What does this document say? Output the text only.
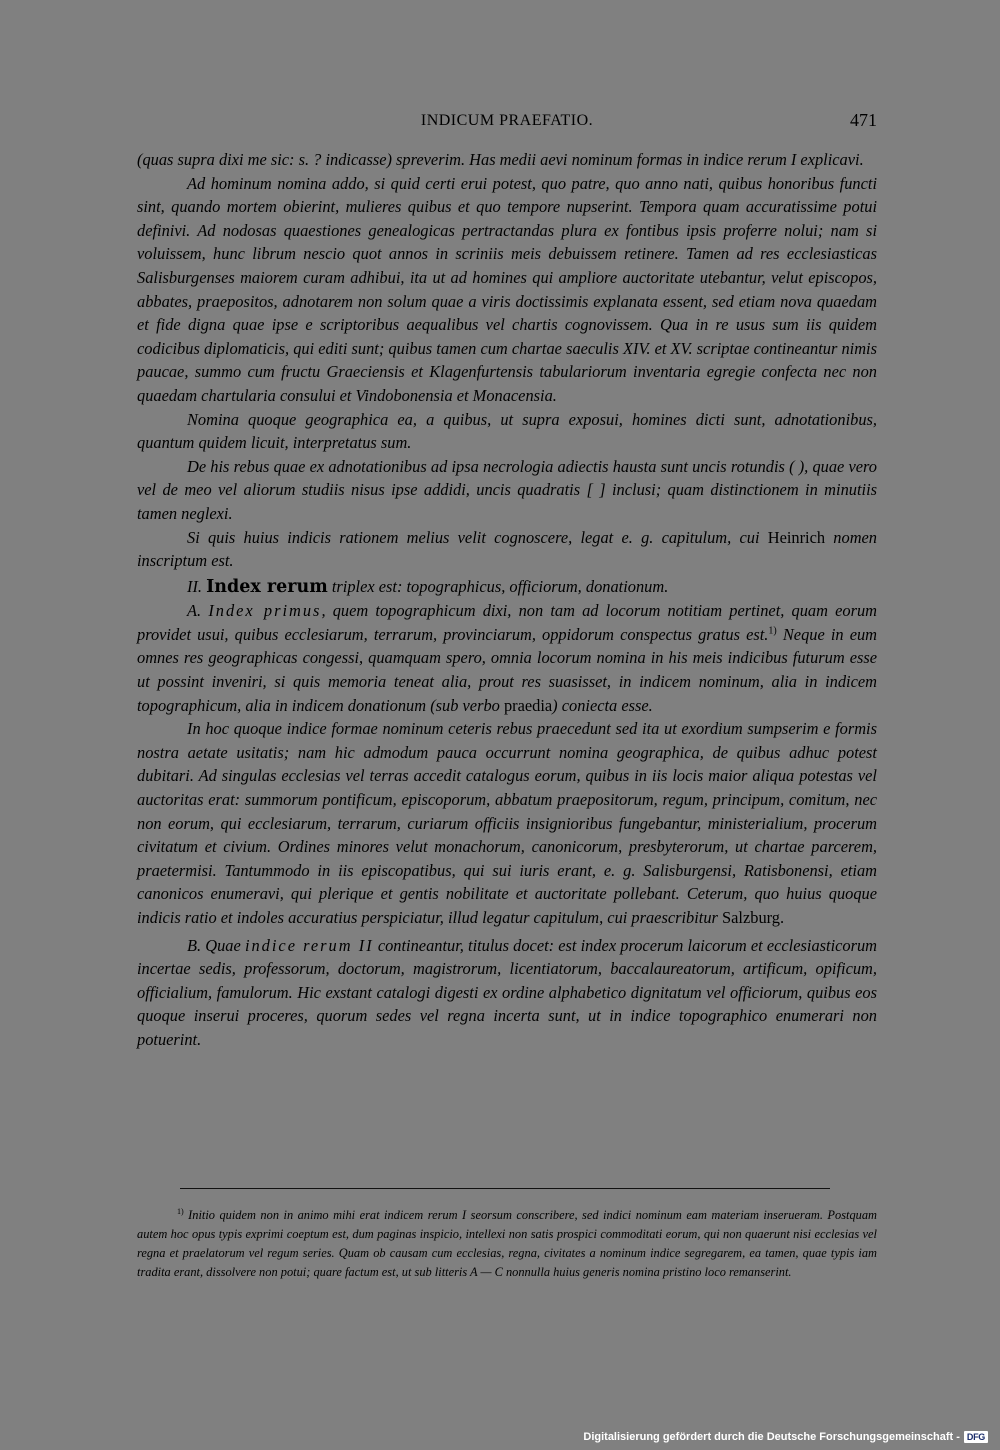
INDICUM PRAEFATIO.	471

(quas supra dixi me sic: s. ? indicasse) spreverim. Has medii aevi nominum formas in indice rerum I explicavi.

Ad hominum nomina addo, si quid certi erui potest, quo patre, quo anno nati, quibus honoribus functi sint, quando mortem obierint, mulieres quibus et quo tempore nupserint. Tempora quam accuratissime potui definivi. Ad nodosas quaestiones genealogicas pertractandas plura ex fontibus ipsis proferre nolui; nam si voluissem, hunc librum nescio quot annos in scriniis meis debuissem retinere. Tamen ad res ecclesiasticas Salisburgenses maiorem curam adhibui, ita ut ad homines qui ampliore auctoritate utebantur, velut episcopos, abbates, praepositos, adnotarem non solum quae a viris doctissimis explanata essent, sed etiam nova quaedam et fide digna quae ipse e scriptoribus aequalibus vel chartis cognovissem. Qua in re usus sum iis quidem codicibus diplomaticis, qui editi sunt; quibus tamen cum chartae saeculis XIV. et XV. scriptae contineantur nimis paucae, summo cum fructu Graeciensis et Klagenfurtensis tabulariorum inventaria egregie confecta nec non quaedam chartularia consului et Vindobonensia et Monacensia.

Nomina quoque geographica ea, a quibus, ut supra exposui, homines dicti sunt, adnotationibus, quantum quidem licuit, interpretatus sum.

De his rebus quae ex adnotationibus ad ipsa necrologia adiectis hausta sunt uncis rotundis ( ), quae vero vel de meo vel aliorum studiis nisus ipse addidi, uncis quadratis [ ] inclusi; quam distinctionem in minutiis tamen neglexi.

Si quis huius indicis rationem melius velit cognoscere, legat e. g. capitulum, cui Heinrich nomen inscriptum est.

II. Index rerum triplex est: topographicus, officiorum, donationum.

A. Index primus, quem topographicum dixi, non tam ad locorum notitiam pertinet, quam eorum providet usui, quibus ecclesiarum, terrarum, provinciarum, oppidorum conspectus gratus est.$^{1)}$ Neque in eum omnes res geographicas congessi, quamquam spero, omnia locorum nomina in his meis indicibus futurum esse ut possint inveniri, si quis memoria teneat alia, prout res suasisset, in indicem nominum, alia in indicem topographicum, alia in indicem donationum (sub verbo praedia) coniecta esse.

In hoc quoque indice formae nominum ceteris rebus praecedunt sed ita ut exordium sumpserim e formis nostra aetate usitatis; nam hic admodum pauca occurrunt nomina geographica, de quibus adhuc potest dubitari. Ad singulas ecclesias vel terras accedit catalogus eorum, quibus in iis locis maior aliqua potestas vel auctoritas erat: summorum pontificum, episcoporum, abbatum praepositorum, regum, principum, comitum, nec non eorum, qui ecclesiarum, terrarum, curiarum officiis insignioribus fungebantur, ministerialium, procerum civitatum et civium. Ordines minores velut monachorum, canonicorum, presbyterorum, ut chartae parcerem, praetermisi. Tantummodo in iis episcopatibus, qui sui iuris erant, e. g. Salisburgensi, Ratisbonensi, etiam canonicos enumeravi, qui plerique et gentis nobilitate et auctoritate pollebant. Ceterum, quo huius quoque indicis ratio et indoles accuratius perspiciatur, illud legatur capitulum, cui praescribitur Salzburg.

B. Quae indice rerum II contineantur, titulus docet: est index procerum laicorum et ecclesiasticorum incertae sedis, professorum, doctorum, magistrorum, licentiatorum, baccalaureatorum, artificum, opificum, officialium, famulorum. Hic exstant catalogi digesti ex ordine alphabetico dignitatum vel officiorum, quibus eos quoque inserui proceres, quorum sedes vel regna incerta sunt, ut in indice topographico enumerari non potuerint.

$^{1)}$ Initio quidem non in animo mihi erat indicem rerum I seorsum conscribere, sed indici nominum eam materiam inserueram. Postquam autem hoc opus typis exprimi coeptum est, dum paginas inspicio, intellexi non satis prospici commoditati eorum, qui non quaerunt nisi ecclesias vel regna et praelatorum vel regum series. Quam ob causam cum ecclesias, regna, civitates a nominum indice segregarem, ea tamen, quae typis iam tradita erant, dissolvere non potui; quare factum est, ut sub litteris A — C nonnulla huius generis nomina pristino loco remanserint.

Digitalisierung gefördert durch die Deutsche Forschungsgemeinschaft - DFG
